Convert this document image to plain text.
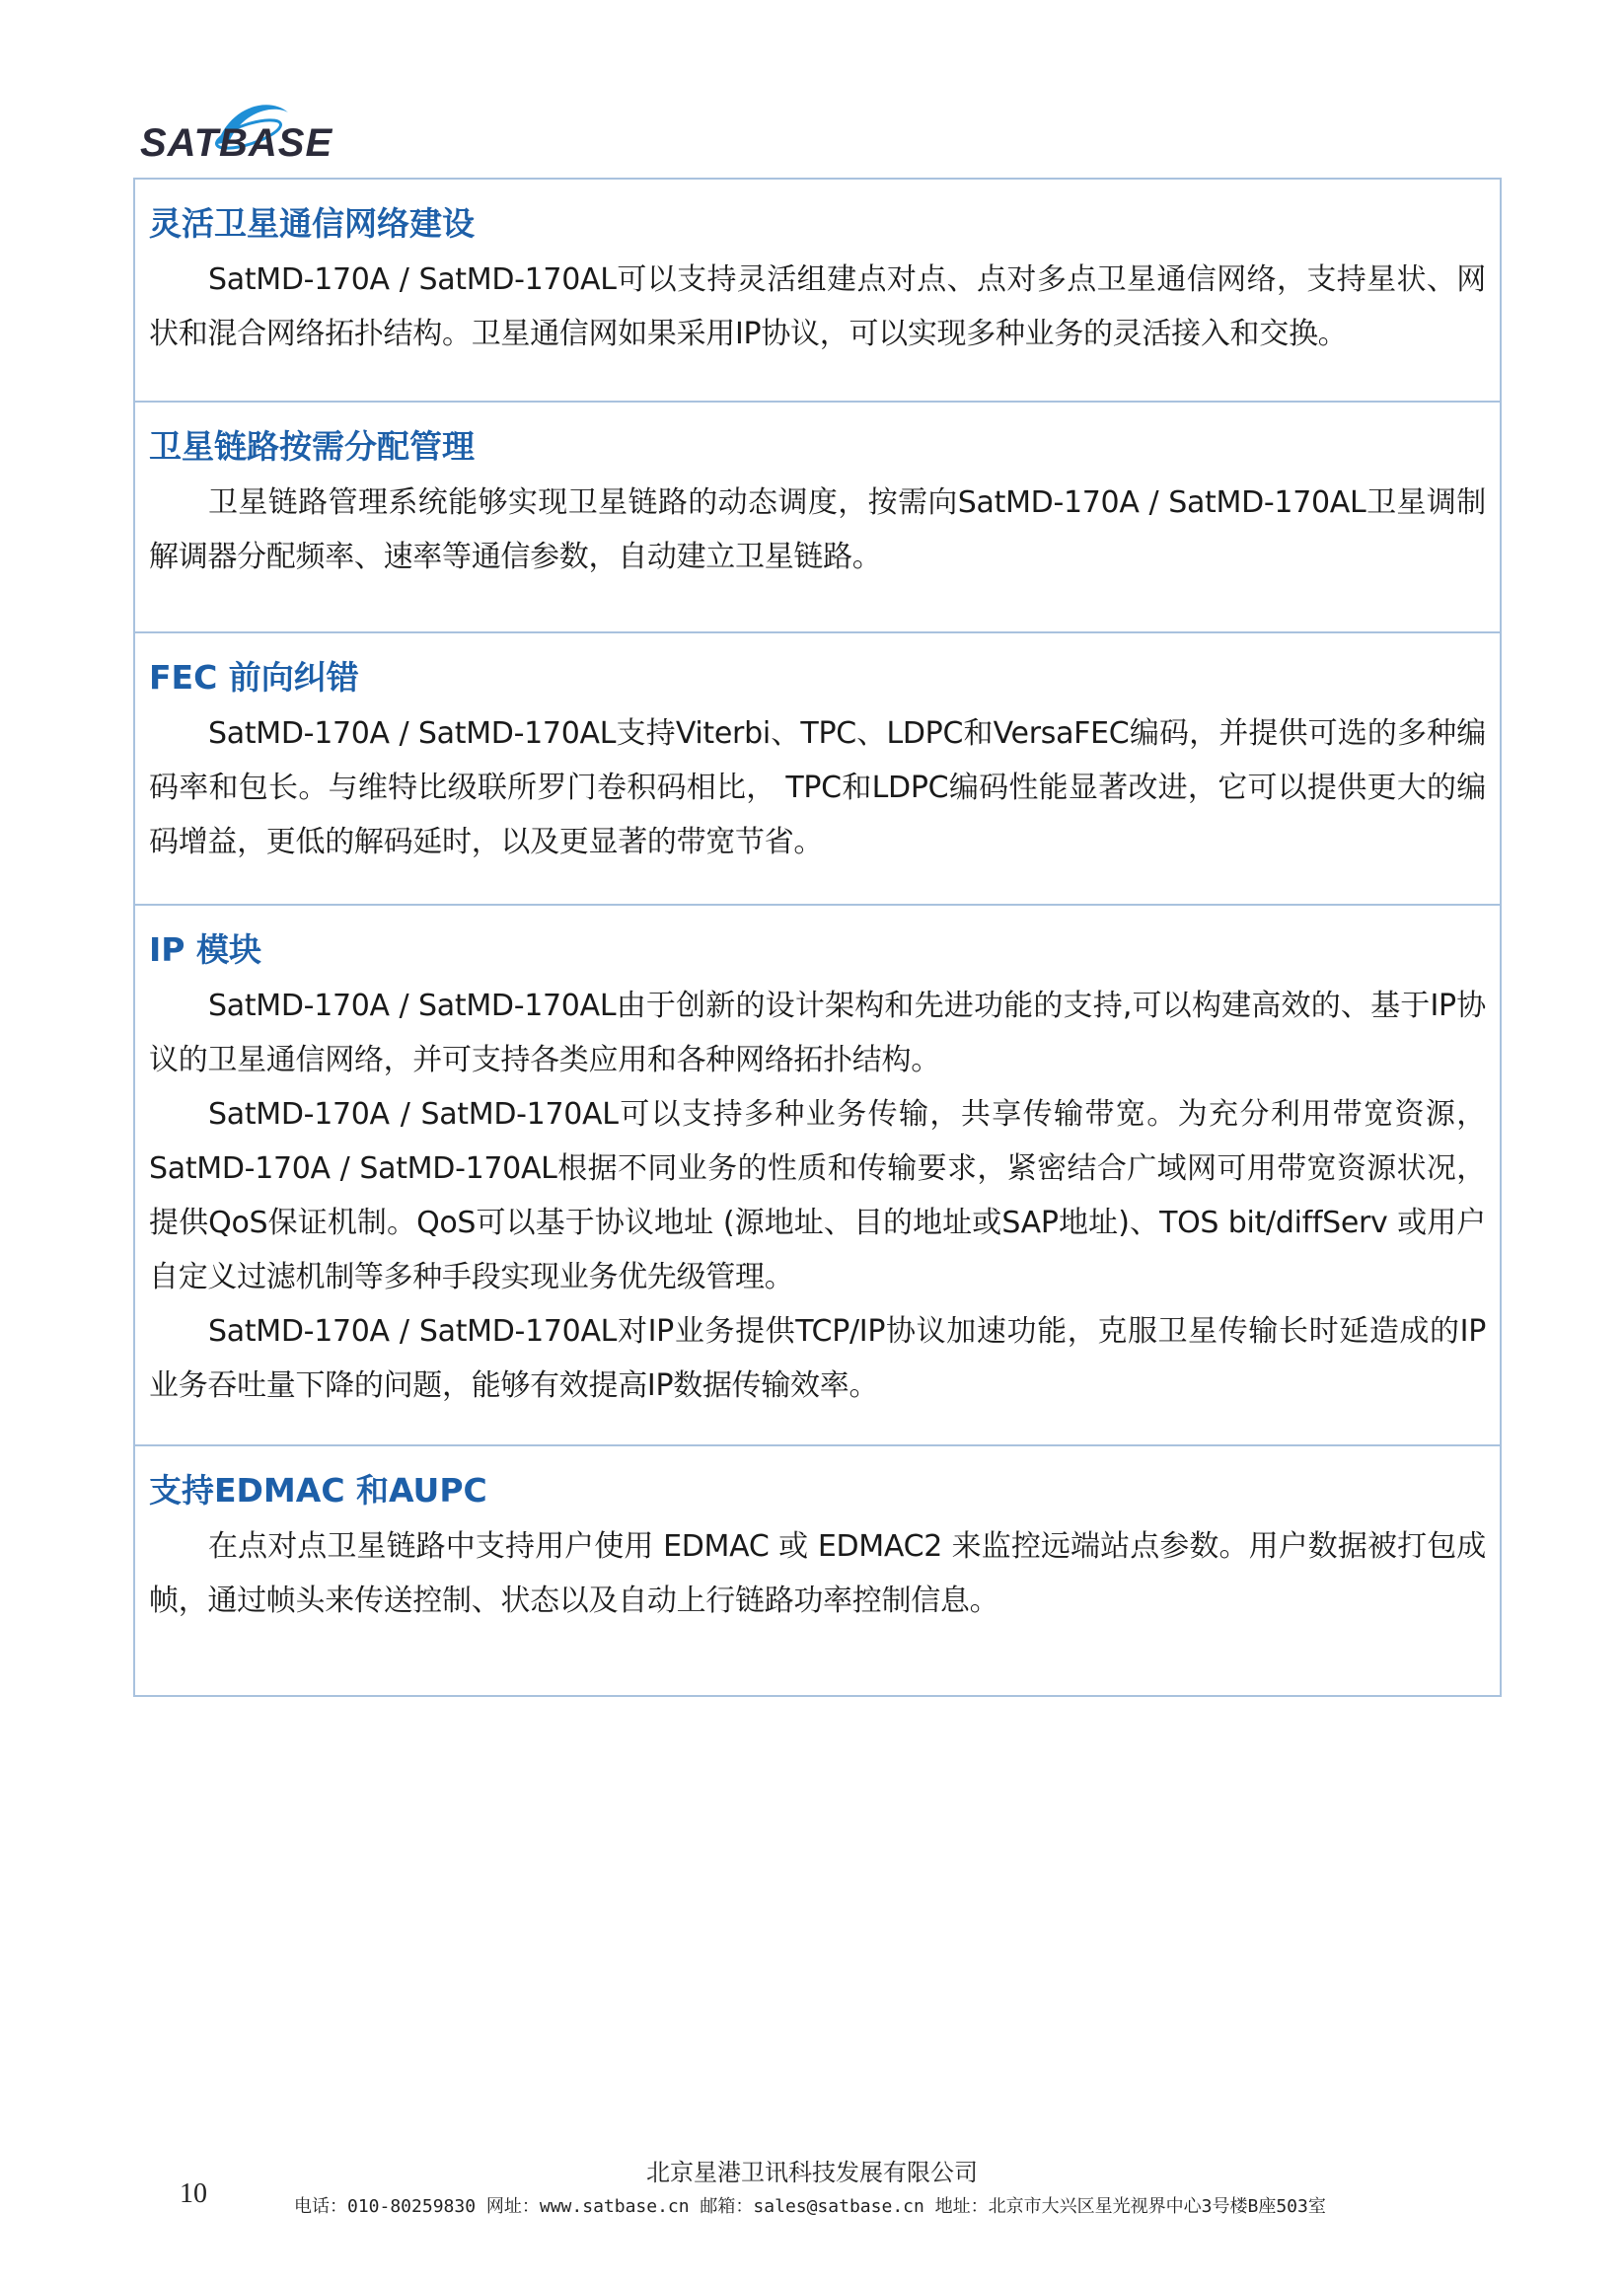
SATBASE
灵活卫星通信网络建设

SatMD-170A / SatMD-170AL可以支持灵活组建点对点、点对多点卫星通信网络，支持星状、网状和混合网络拓扑结构。卫星通信网如果采用IP协议，可以实现多种业务的灵活接入和交换。

卫星链路按需分配管理

卫星链路管理系统能够实现卫星链路的动态调度，按需向SatMD-170A / SatMD-170AL卫星调制解调器分配频率、速率等通信参数，自动建立卫星链路。

FEC 前向纠错

SatMD-170A / SatMD-170AL支持Viterbi、TPC、LDPC和VersaFEC编码，并提供可选的多种编码率和包长。与维特比级联所罗门卷积码相比， TPC和LDPC编码性能显著改进，它可以提供更大的编码增益，更低的解码延时，以及更显著的带宽节省。

IP 模块

SatMD-170A / SatMD-170AL由于创新的设计架构和先进功能的支持,可以构建高效的、基于IP协议的卫星通信网络，并可支持各类应用和各种网络拓扑结构。

SatMD-170A / SatMD-170AL可以支持多种业务传输，共享传输带宽。为充分利用带宽资源，SatMD-170A / SatMD-170AL根据不同业务的性质和传输要求，紧密结合广域网可用带宽资源状况，提供QoS保证机制。QoS可以基于协议地址 (源地址、目的地址或SAP地址)、TOS bit/diffServ 或用户自定义过滤机制等多种手段实现业务优先级管理。

SatMD-170A / SatMD-170AL对IP业务提供TCP/IP协议加速功能，克服卫星传输长时延造成的IP业务吞吐量下降的问题，能够有效提高IP数据传输效率。

支持EDMAC 和AUPC

在点对点卫星链路中支持用户使用 EDMAC 或 EDMAC2 来监控远端站点参数。用户数据被打包成帧，通过帧头来传送控制、状态以及自动上行链路功率控制信息。

北京星港卫讯科技发展有限公司
10	电话：010-80259830 网址：www.satbase.cn 邮箱：sales@satbase.cn 地址：北京市大兴区星光视界中心3号楼B座503室
